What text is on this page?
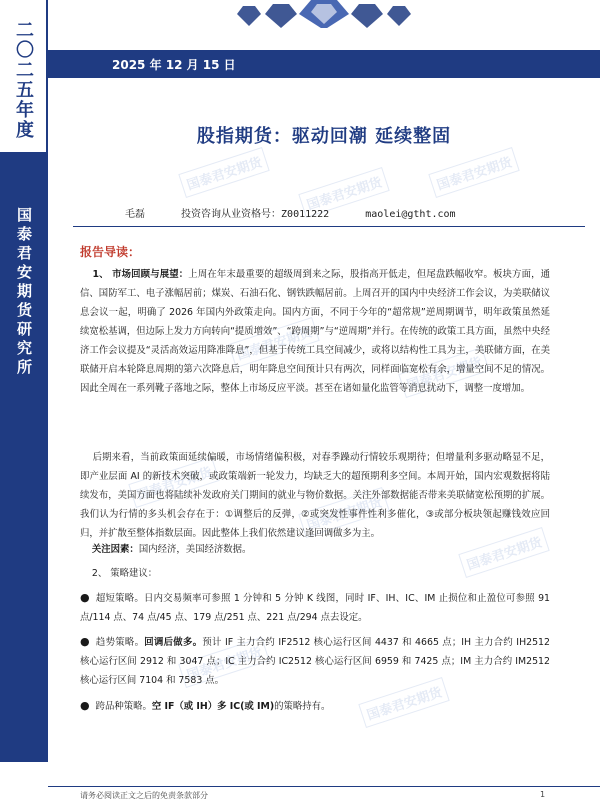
二〇二五年度
国泰君安期货研究所
2025 年 12 月 15 日
国泰君安期货
国泰君安期货
国泰君安期货
国泰君安期货
国泰君安期货
国泰君安期货
国泰君安期货
国泰君安期货
国泰君安期货
国泰君安期货
股指期货：驱动回潮 延续整固
毛磊	投资咨询从业资格号：Z0011222	maolei@gtht.com
报告导读：
1、 市场回顾与展望：上周在年末最重要的超级周到来之际，股指高开低走，但尾盘跌幅收窄。板块方面，通信、国防军工、电子涨幅居前；煤炭、石油石化、钢铁跌幅居前。上周召开的国内中央经济工作会议，为美联储议息会议一起，明确了 2026 年国内外政策走向。国内方面，不同于今年的“超常规”逆周期调节，明年政策虽然延续宽松基调，但边际上发力方向转向“提质增效”、“跨周期”与“逆周期”并行。在传统的政策工具方面，虽然中央经济工作会议提及“灵活高效运用降准降息”，但基于传统工具空间减少，或将以结构性工具为主，美联储方面，在美联储开启本轮降息周期的第六次降息后，明年降息空间预计只有两次，同样面临宽松有余，增量空间不足的情况。因此全周在一系列靴子落地之际，整体上市场反应平淡。甚至在诸如量化监管等消息扰动下，调整一度增加。
后期来看，当前政策面延续偏暖，市场情绪偏积极，对春季躁动行情较乐观期待；但增量利多驱动略显不足，即产业层面 AI 的新技术突破，或政策端新一轮发力，均缺乏大的超预期利多空间。本周开始，国内宏观数据将陆续发布，美国方面也将陆续补发政府关门期间的就业与物价数据。关注外部数据能否带来美联储宽松预期的扩展。我们认为行情的多头机会存在于：①调整后的反弹，②或突发性事件性利多催化，③或部分板块领起赚钱效应回归，并扩散至整体指数层面。因此整体上我们依然建议逢回调做多为主。
关注因素：国内经济，美国经济数据。
2、 策略建议：
● 超短策略。日内交易频率可参照 1 分钟和 5 分钟 K 线图，同时 IF、IH、IC、IM 止损位和止盈位可参照 91 点/114 点、74 点/45 点、179 点/251 点、221 点/294 点去设定。
● 趋势策略。回调后做多。预计 IF 主力合约 IF2512 核心运行区间 4437 和 4665 点；IH 主力合约 IH2512 核心运行区间 2912 和 3047 点；IC 主力合约 IC2512 核心运行区间 6959 和 7425 点；IM 主力合约 IM2512 核心运行区间 7104 和 7583 点。
● 跨品种策略。空 IF（或 IH）多 IC(或 IM)的策略持有。
请务必阅读正文之后的免责条款部分	1
